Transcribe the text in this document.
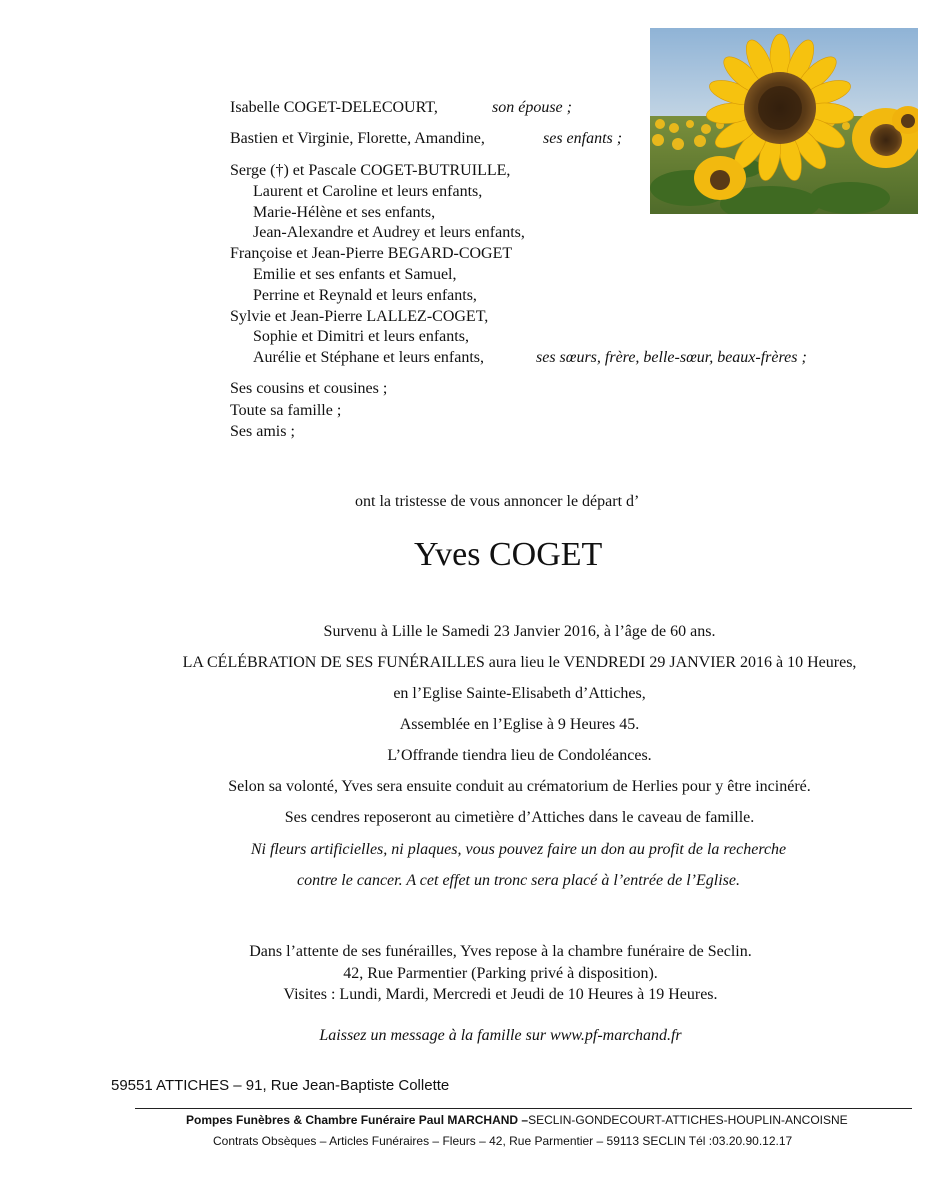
Isabelle COGET-DELECOURT,	son épouse ;
Bastien et Virginie, Florette, Amandine,	ses enfants ;
Serge (†) et Pascale COGET-BUTRUILLE,
Laurent et Caroline et leurs enfants,
Marie-Hélène et ses enfants,
Jean-Alexandre et Audrey et leurs enfants,
Françoise et Jean-Pierre BEGARD-COGET
Emilie et ses enfants et Samuel,
Perrine et Reynald et leurs enfants,
Sylvie et Jean-Pierre LALLEZ-COGET,
Sophie et Dimitri et leurs enfants,
Aurélie et Stéphane et leurs enfants,	ses sœurs, frère, belle-sœur, beaux-frères ;
Ses cousins et cousines ;
Toute sa famille ;
Ses amis ;
ont la tristesse de vous annoncer le départ d’
Yves COGET
Survenu à Lille le Samedi 23 Janvier 2016, à l’âge de 60 ans.
LA CÉLÉBRATION DE SES FUNÉRAILLES aura lieu le VENDREDI 29 JANVIER 2016 à 10 Heures,
en l’Eglise Sainte-Elisabeth d’Attiches,
Assemblée en l’Eglise à 9 Heures 45.
L’Offrande tiendra lieu de Condoléances.
Selon sa volonté, Yves sera ensuite conduit au crématorium de Herlies pour y être incinéré.
Ses cendres reposeront au cimetière d’Attiches dans le caveau de famille.
Ni fleurs artificielles, ni plaques, vous pouvez faire un don au profit de la recherche
contre le cancer. A cet effet un tronc sera placé à l’entrée de l’Eglise.
Dans l’attente de ses funérailles, Yves repose à la chambre funéraire de Seclin.
42, Rue Parmentier (Parking privé à disposition).
Visites : Lundi, Mardi, Mercredi et Jeudi de 10 Heures à 19 Heures.
Laissez un message à la famille sur www.pf-marchand.fr
59551 ATTICHES – 91, Rue Jean-Baptiste Collette
Pompes Funèbres & Chambre Funéraire Paul MARCHAND –SECLIN-GONDECOURT-ATTICHES-HOUPLIN-ANCOISNE
Contrats Obsèques – Articles Funéraires – Fleurs – 42, Rue Parmentier – 59113 SECLIN Tél :03.20.90.12.17
